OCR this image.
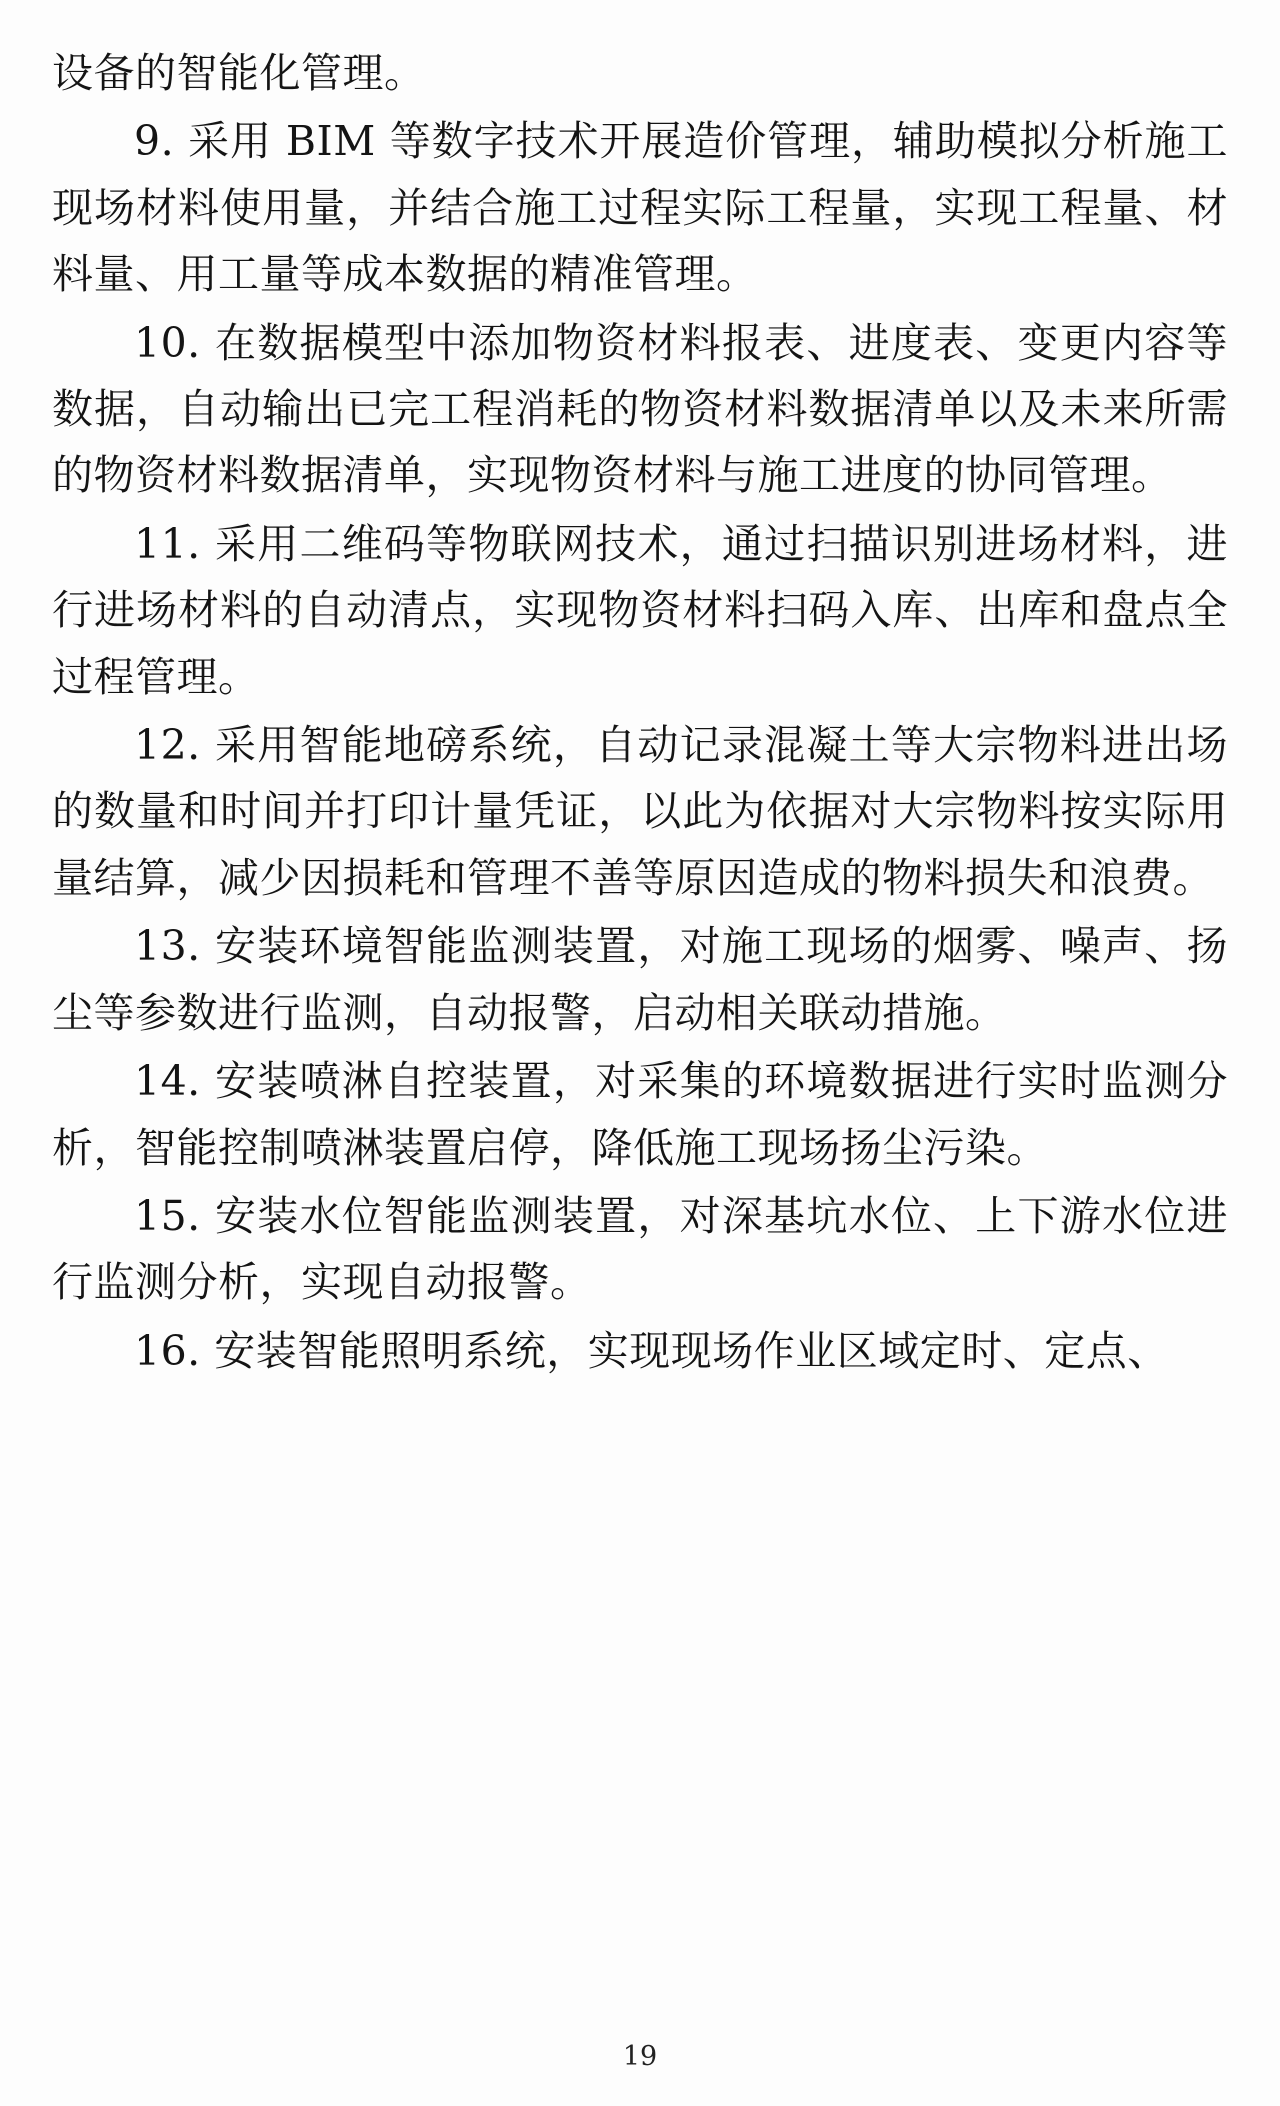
设备的智能化管理。

9. 采用 BIM 等数字技术开展造价管理，辅助模拟分析施工现场材料使用量，并结合施工过程实际工程量，实现工程量、材料量、用工量等成本数据的精准管理。

10. 在数据模型中添加物资材料报表、进度表、变更内容等数据，自动输出已完工程消耗的物资材料数据清单以及未来所需的物资材料数据清单，实现物资材料与施工进度的协同管理。

11. 采用二维码等物联网技术，通过扫描识别进场材料，进行进场材料的自动清点，实现物资材料扫码入库、出库和盘点全过程管理。

12. 采用智能地磅系统，自动记录混凝土等大宗物料进出场的数量和时间并打印计量凭证，以此为依据对大宗物料按实际用量结算，减少因损耗和管理不善等原因造成的物料损失和浪费。

13. 安装环境智能监测装置，对施工现场的烟雾、噪声、扬尘等参数进行监测，自动报警，启动相关联动措施。

14. 安装喷淋自控装置，对采集的环境数据进行实时监测分析，智能控制喷淋装置启停，降低施工现场扬尘污染。

15. 安装水位智能监测装置，对深基坑水位、上下游水位进行监测分析，实现自动报警。

16. 安装智能照明系统，实现现场作业区域定时、定点、

19
